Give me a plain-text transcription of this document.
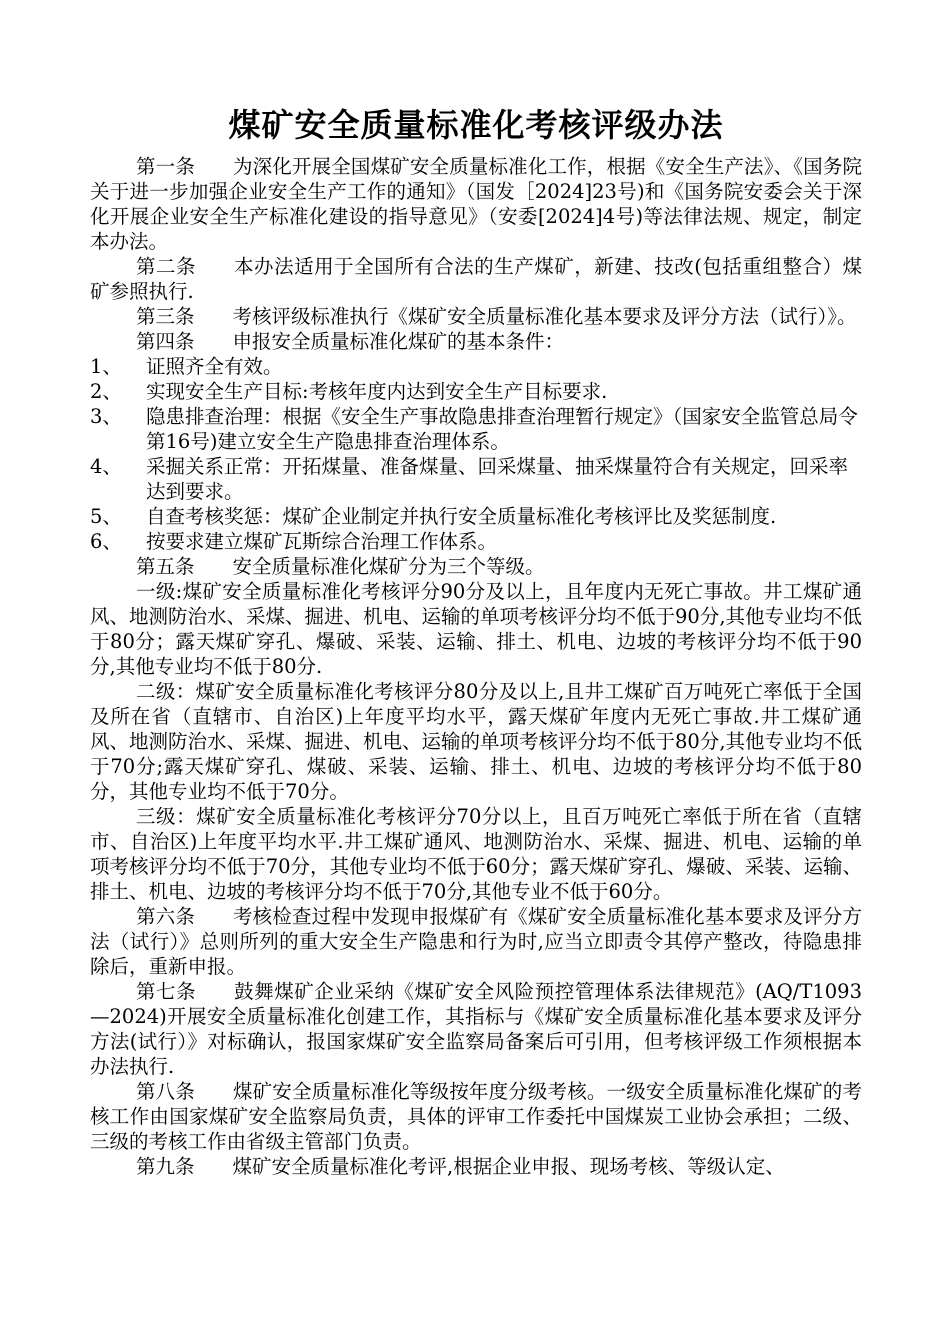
煤矿安全质量标准化考核评级办法

第一条 为深化开展全国煤矿安全质量标准化工作，根据《安全生产法》、《国务院关于进一步加强企业安全生产工作的通知》（国发［2024]23号)和《国务院安委会关于深化开展企业安全生产标准化建设的指导意见》（安委[2024]4号)等法律法规、规定，制定本办法。

第二条 本办法适用于全国所有合法的生产煤矿，新建、技改(包括重组整合）煤矿参照执行.

第三条 考核评级标准执行《煤矿安全质量标准化基本要求及评分方法（试行）》。

第四条 申报安全质量标准化煤矿的基本条件：

1、	证照齐全有效。
2、	实现安全生产目标:考核年度内达到安全生产目标要求.
3、	隐患排查治理：根据《安全生产事故隐患排查治理暂行规定》（国家安全监管总局令第16号)建立安全生产隐患排查治理体系。
4、	采掘关系正常：开拓煤量、准备煤量、回采煤量、抽采煤量符合有关规定，回采率达到要求。
5、	自查考核奖惩：煤矿企业制定并执行安全质量标准化考核评比及奖惩制度.
6、	按要求建立煤矿瓦斯综合治理工作体系。

第五条 安全质量标准化煤矿分为三个等级。

一级:煤矿安全质量标准化考核评分90分及以上，且年度内无死亡事故。井工煤矿通风、地测防治水、采煤、掘进、机电、运输的单项考核评分均不低于90分,其他专业均不低于80分；露天煤矿穿孔、爆破、采装、运输、排土、机电、边坡的考核评分均不低于90分,其他专业均不低于80分.

二级：煤矿安全质量标准化考核评分80分及以上,且井工煤矿百万吨死亡率低于全国及所在省（直辖市、自治区)上年度平均水平，露天煤矿年度内无死亡事故.井工煤矿通风、地测防治水、采煤、掘进、机电、运输的单项考核评分均不低于80分,其他专业均不低于70分;露天煤矿穿孔、煤破、采装、运输、排土、机电、边坡的考核评分均不低于80分，其他专业均不低于70分。

三级：煤矿安全质量标准化考核评分70分以上，且百万吨死亡率低于所在省（直辖市、自治区)上年度平均水平.井工煤矿通风、地测防治水、采煤、掘进、机电、运输的单项考核评分均不低于70分，其他专业均不低于60分；露天煤矿穿孔、爆破、采装、运输、排土、机电、边坡的考核评分均不低于70分,其他专业不低于60分。

第六条 考核检查过程中发现申报煤矿有《煤矿安全质量标准化基本要求及评分方法（试行）》总则所列的重大安全生产隐患和行为时,应当立即责令其停产整改，待隐患排除后，重新申报。

第七条 鼓舞煤矿企业采纳《煤矿安全风险预控管理体系法律规范》(AQ/T1093—2024)开展安全质量标准化创建工作，其指标与《煤矿安全质量标准化基本要求及评分方法(试行）》对标确认，报国家煤矿安全监察局备案后可引用，但考核评级工作须根据本办法执行.

第八条 煤矿安全质量标准化等级按年度分级考核。一级安全质量标准化煤矿的考核工作由国家煤矿安全监察局负责，具体的评审工作委托中国煤炭工业协会承担；二级、三级的考核工作由省级主管部门负责。

第九条 煤矿安全质量标准化考评,根据企业申报、现场考核、等级认定、
